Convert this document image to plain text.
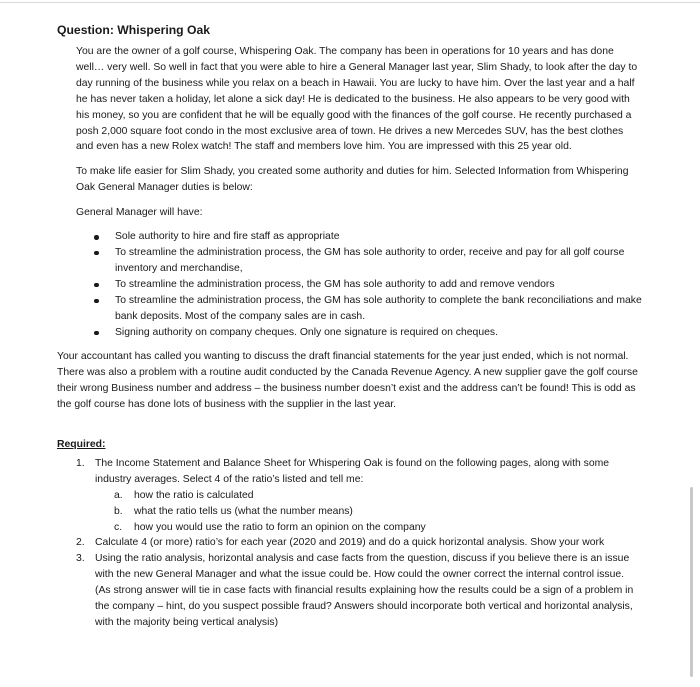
Question: Whispering Oak

You are the owner of a golf course, Whispering Oak. The company has been in operations for 10 years and has done well… very well. So well in fact that you were able to hire a General Manager last year, Slim Shady, to look after the day to day running of the business while you relax on a beach in Hawaii. You are lucky to have him. Over the last year and a half he has never taken a holiday, let alone a sick day! He is dedicated to the business. He also appears to be very good with his money, so you are confident that he will be equally good with the finances of the golf course. He recently purchased a posh 2,000 square foot condo in the most exclusive area of town. He drives a new Mercedes SUV, has the best clothes and even has a new Rolex watch! The staff and members love him. You are impressed with this 25 year old.

To make life easier for Slim Shady, you created some authority and duties for him. Selected Information from Whispering Oak General Manager duties is below:

General Manager will have:

Sole authority to hire and fire staff as appropriate
To streamline the administration process, the GM has sole authority to order, receive and pay for all golf course inventory and merchandise,
To streamline the administration process, the GM has sole authority to add and remove vendors
To streamline the administration process, the GM has sole authority to complete the bank reconciliations and make bank deposits. Most of the company sales are in cash.
Signing authority on company cheques. Only one signature is required on cheques.

Your accountant has called you wanting to discuss the draft financial statements for the year just ended, which is not normal. There was also a problem with a routine audit conducted by the Canada Revenue Agency. A new supplier gave the golf course their wrong Business number and address – the business number doesn’t exist and the address can’t be found! This is odd as the golf course has done lots of business with the supplier in the last year.

Required:
1. The Income Statement and Balance Sheet for Whispering Oak is found on the following pages, along with some industry averages. Select 4 of the ratio’s listed and tell me:
a. how the ratio is calculated
b. what the ratio tells us (what the number means)
c. how you would use the ratio to form an opinion on the company
2. Calculate 4 (or more) ratio’s for each year (2020 and 2019) and do a quick horizontal analysis. Show your work
3. Using the ratio analysis, horizontal analysis and case facts from the question, discuss if you believe there is an issue with the new General Manager and what the issue could be. How could the owner correct the internal control issue. (As strong answer will tie in case facts with financial results explaining how the results could be a sign of a problem in the company – hint, do you suspect possible fraud? Answers should incorporate both vertical and horizontal analysis, with the majority being vertical analysis)
